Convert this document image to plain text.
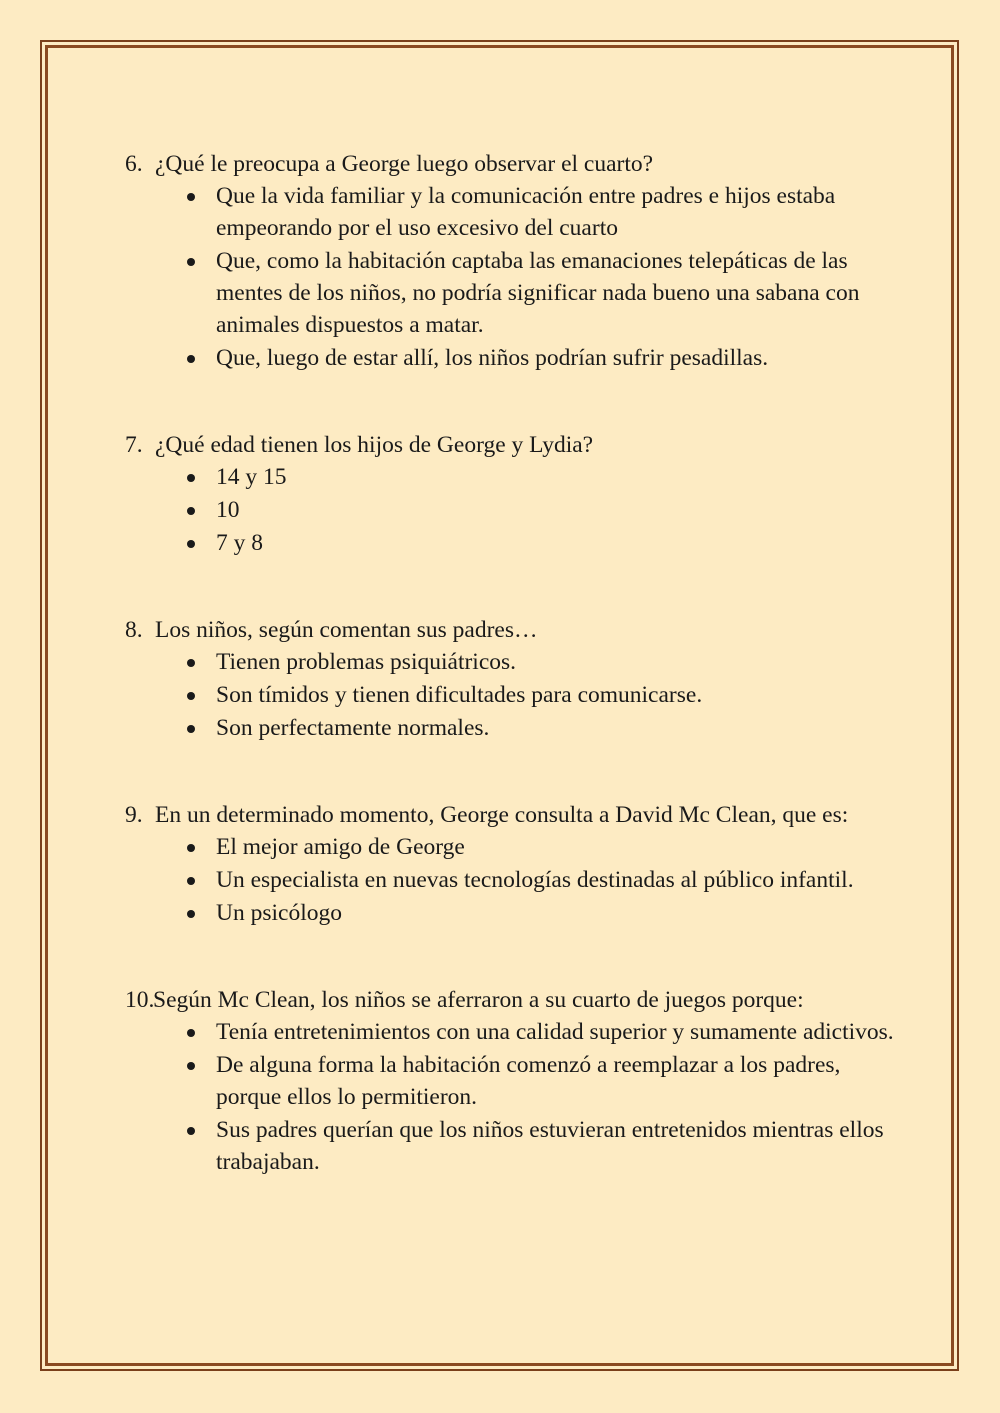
6. ¿Qué le preocupa a George luego observar el cuarto?
Que la vida familiar y la comunicación entre padres e hijos estaba empeorando por el uso excesivo del cuarto
Que, como la habitación captaba las emanaciones telepáticas de las mentes de los niños, no podría significar nada bueno una sabana con animales dispuestos a matar.
Que, luego de estar allí, los niños podrían sufrir pesadillas.
7. ¿Qué edad tienen los hijos de George y Lydia?
14 y 15
10
7 y 8
8. Los niños, según comentan sus padres…
Tienen problemas psiquiátricos.
Son tímidos y tienen dificultades para comunicarse.
Son perfectamente normales.
9. En un determinado momento, George consulta a David Mc Clean, que es:
El mejor amigo de George
Un especialista en nuevas tecnologías destinadas al público infantil.
Un psicólogo
10.
Según Mc Clean, los niños se aferraron a su cuarto de juegos porque:
Tenía entretenimientos con una calidad superior y sumamente adictivos.
De alguna forma la habitación comenzó a reemplazar a los padres, porque ellos lo permitieron.
Sus padres querían que los niños estuvieran entretenidos mientras ellos trabajaban.
